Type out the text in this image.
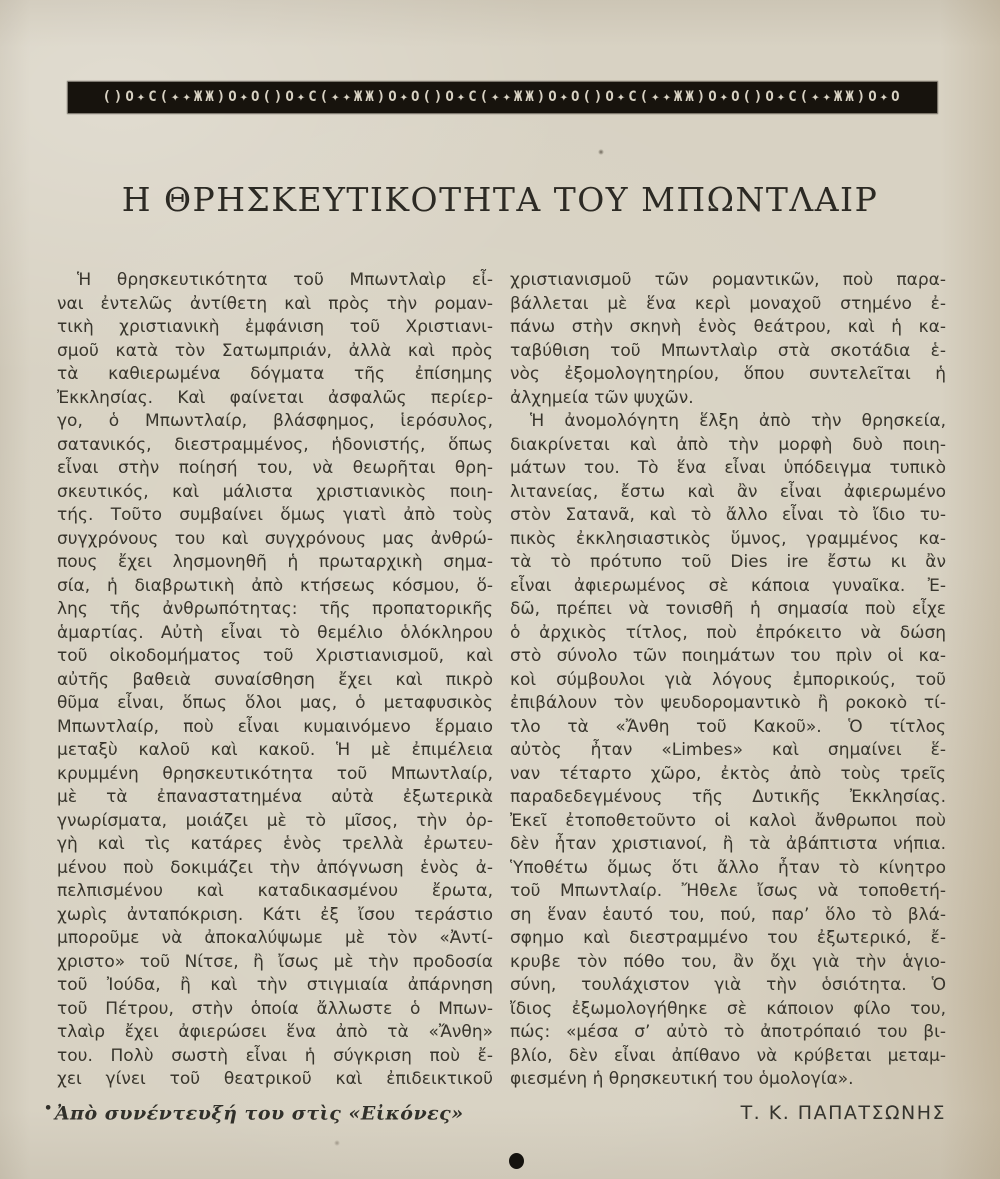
()O✦C(✦✦ЖЖ)O✦O()O✦C(✦✦ЖЖ)O✦O()O✦C(✦✦ЖЖ)O✦O()O✦C(✦✦ЖЖ)O✦O()O✦C(✦✦ЖЖ)O✦O
Η ΘΡΗΣΚΕΥΤΙΚΟΤΗΤΑ ΤΟΥ ΜΠΩΝΤΛΑΙΡ
Ἡ θρησκευτικότητα τοῦ Μπωντλαὶρ εἶ-
ναι ἐντελῶς ἀντίθετη καὶ πρὸς τὴν ρομαν-
τικὴ χριστιανικὴ ἐμφάνιση τοῦ Χριστιανι-
σμοῦ κατὰ τὸν Σατωμπριάν, ἀλλὰ καὶ πρὸς
τὰ καθιερωμένα δόγματα τῆς ἐπίσημης
Ἐκκλησίας. Καὶ φαίνεται ἀσφαλῶς περίερ-
γο, ὁ Μπωντλαίρ, βλάσφημος, ἱερόσυλος,
σατανικός, διεστραμμένος, ἡδονιστής, ὅπως
εἶναι στὴν ποίησή του, νὰ θεωρῆται θρη-
σκευτικός, καὶ μάλιστα χριστιανικὸς ποιη-
τής. Τοῦτο συμβαίνει ὅμως γιατὶ ἀπὸ τοὺς
συγχρόνους του καὶ συγχρόνους μας ἀνθρώ-
πους ἔχει λησμονηθῆ ἡ πρωταρχικὴ σημα-
σία, ἡ διαβρωτικὴ ἀπὸ κτήσεως κόσμου, ὅ-
λης τῆς ἀνθρωπότητας: τῆς προπατορικῆς
ἁμαρτίας. Αὐτὴ εἶναι τὸ θεμέλιο ὁλόκληρου
τοῦ οἰκοδομήματος τοῦ Χριστιανισμοῦ, καὶ
αὐτῆς βαθειὰ συναίσθηση ἔχει καὶ πικρὸ
θῦμα εἶναι, ὅπως ὅλοι μας, ὁ μεταφυσικὸς
Μπωντλαίρ, ποὺ εἶναι κυμαινόμενο ἕρμαιο
μεταξὺ καλοῦ καὶ κακοῦ. Ἡ μὲ ἐπιμέλεια
κρυμμένη θρησκευτικότητα τοῦ Μπωντλαίρ,
μὲ τὰ ἐπαναστατημένα αὐτὰ ἐξωτερικὰ
γνωρίσματα, μοιάζει μὲ τὸ μῖσος, τὴν ὀρ-
γὴ καὶ τὶς κατάρες ἑνὸς τρελλὰ ἐρωτευ-
μένου ποὺ δοκιμάζει τὴν ἀπόγνωση ἑνὸς ἀ-
πελπισμένου καὶ καταδικασμένου ἔρωτα,
χωρὶς ἀνταπόκριση. Κάτι ἐξ ἴσου τεράστιο
μποροῦμε νὰ ἀποκαλύψωμε μὲ τὸν «Ἀντί-
χριστο» τοῦ Νίτσε, ἢ ἴσως μὲ τὴν προδοσία
τοῦ Ἰούδα, ἢ καὶ τὴν στιγμιαία ἀπάρνηση
τοῦ Πέτρου, στὴν ὁποία ἄλλωστε ὁ Μπων-
τλαὶρ ἔχει ἀφιερώσει ἕνα ἀπὸ τὰ «Ἄνθη»
του. Πολὺ σωστὴ εἶναι ἡ σύγκριση ποὺ ἔ-
χει γίνει τοῦ θεατρικοῦ καὶ ἐπιδεικτικοῦ
χριστιανισμοῦ τῶν ρομαντικῶν, ποὺ παρα-
βάλλεται μὲ ἕνα κερὶ μοναχοῦ στημένο ἐ-
πάνω στὴν σκηνὴ ἑνὸς θεάτρου, καὶ ἡ κα-
ταβύθιση τοῦ Μπωντλαὶρ στὰ σκοτάδια ἑ-
νὸς ἐξομολογητηρίου, ὅπου συντελεῖται ἡ
ἀλχημεία τῶν ψυχῶν.
Ἡ ἀνομολόγητη ἕλξη ἀπὸ τὴν θρησκεία,
διακρίνεται καὶ ἀπὸ τὴν μορφὴ δυὸ ποιη-
μάτων του. Τὸ ἕνα εἶναι ὑπόδειγμα τυπικὸ
λιτανείας, ἔστω καὶ ἂν εἶναι ἀφιερωμένο
στὸν Σατανᾶ, καὶ τὸ ἄλλο εἶναι τὸ ἴδιο τυ-
πικὸς ἐκκλησιαστικὸς ὕμνος, γραμμένος κα-
τὰ τὸ πρότυπο τοῦ Dies ire ἔστω κι ἂν
εἶναι ἀφιερωμένος σὲ κάποια γυναῖκα. Ἐ-
δῶ, πρέπει νὰ τονισθῆ ἡ σημασία ποὺ εἶχε
ὁ ἀρχικὸς τίτλος, ποὺ ἐπρόκειτο νὰ δώση
στὸ σύνολο τῶν ποιημάτων του πρὶν οἱ κα-
κοὶ σύμβουλοι γιὰ λόγους ἐμπορικούς, τοῦ
ἐπιβάλουν τὸν ψευδορομαντικὸ ἢ ροκοκὸ τί-
τλο τὰ «Ἄνθη τοῦ Κακοῦ». Ὁ τίτλος
αὐτὸς ἦταν «Limbes» καὶ σημαίνει ἕ-
ναν τέταρτο χῶρο, ἐκτὸς ἀπὸ τοὺς τρεῖς
παραδεδεγμένους τῆς Δυτικῆς Ἐκκλησίας.
Ἐκεῖ ἐτοποθετοῦντο οἱ καλοὶ ἄνθρωποι ποὺ
δὲν ἦταν χριστιανοί, ἢ τὰ ἀβάπτιστα νήπια.
Ὑποθέτω ὅμως ὅτι ἄλλο ἦταν τὸ κίνητρο
τοῦ Μπωντλαίρ. Ἤθελε ἴσως νὰ τοποθετή-
ση ἕναν ἑαυτό του, πού, παρ’ ὅλο τὸ βλά-
σφημο καὶ διεστραμμένο του ἐξωτερικό, ἔ-
κρυβε τὸν πόθο του, ἂν ὄχι γιὰ τὴν ἁγιο-
σύνη, τουλάχιστον γιὰ τὴν ὁσιότητα. Ὁ
ἴδιος ἐξωμολογήθηκε σὲ κάποιον φίλο του,
πώς: «μέσα σ’ αὐτὸ τὸ ἀποτρόπαιό του βι-
βλίο, δὲν εἶναι ἀπίθανο νὰ κρύβεται μεταμ-
φιεσμένη ἡ θρησκευτική του ὁμολογία».
• Ἀπὸ συνέντευξή του στὶς «Εἰκόνες»	Τ. Κ. ΠΑΠΑΤΣΩΝΗΣ
